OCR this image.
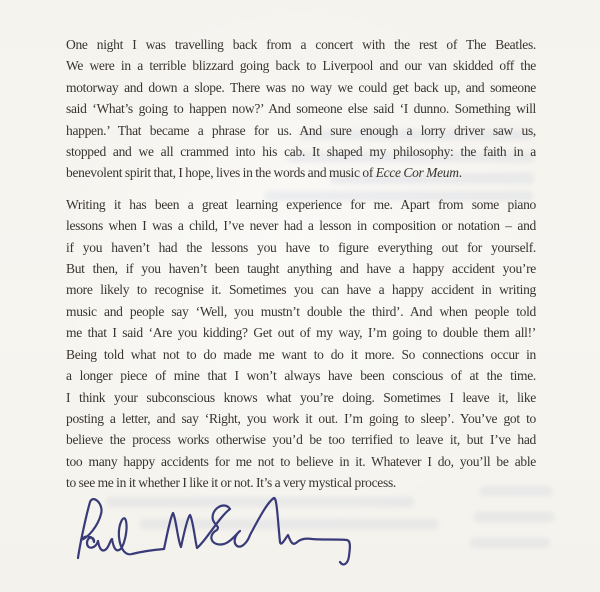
One night I was travelling back from a concert with the rest of The Beatles.
We were in a terrible blizzard going back to Liverpool and our van skidded off the
motorway and down a slope. There was no way we could get back up, and someone
said ‘What’s going to happen now?’ And someone else said ‘I dunno. Something will
happen.’ That became a phrase for us. And sure enough a lorry driver saw us,
stopped and we all crammed into his cab. It shaped my philosophy: the faith in a
benevolent spirit that, I hope, lives in the words and music of Ecce Cor Meum.
Writing it has been a great learning experience for me. Apart from some piano
lessons when I was a child, I’ve never had a lesson in composition or notation – and
if you haven’t had the lessons you have to figure everything out for yourself.
But then, if you haven’t been taught anything and have a happy accident you’re
more likely to recognise it. Sometimes you can have a happy accident in writing
music and people say ‘Well, you mustn’t double the third’. And when people told
me that I said ‘Are you kidding? Get out of my way, I’m going to double them all!’
Being told what not to do made me want to do it more. So connections occur in
a longer piece of mine that I won’t always have been conscious of at the time.
I think your subconscious knows what you’re doing. Sometimes I leave it, like
posting a letter, and say ‘Right, you work it out. I’m going to sleep’. You’ve got to
believe the process works otherwise you’d be too terrified to leave it, but I’ve had
too many happy accidents for me not to believe in it. Whatever I do, you’ll be able
to see me in it whether I like it or not. It’s a very mystical process.
